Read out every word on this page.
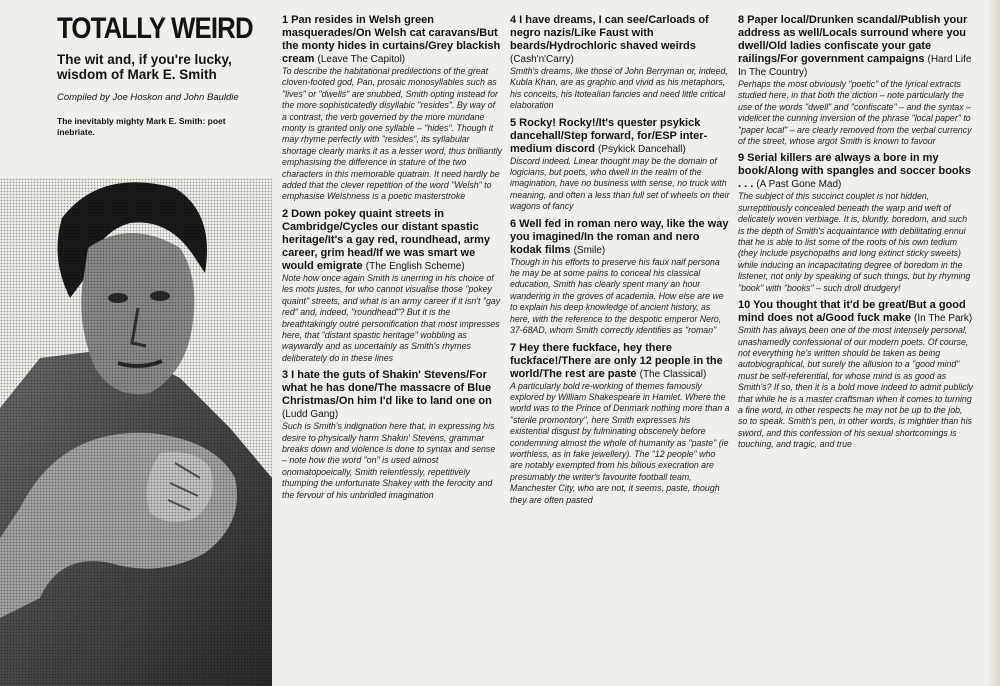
TOTALLY WEIRD
The wit and, if you're lucky, wisdom of Mark E. Smith
Compiled by Joe Hoskon and John Bauldie
The inevitably mighty Mark E. Smith: poet inebriate.

1 Pan resides in Welsh green masquerades/On Welsh cat caravans/But the monty hides in curtains/Grey blackish cream (Leave The Capitol)

To describe the habitational predilections of the great cloven-footed god, Pan, prosaic monosyllables such as "lives" or "dwells" are snubbed, Smith opting instead for the more sophisticatedly disyllabic "resides". By way of a contrast, the verb governed by the more mundane monty is granted only one syllable – "hides". Though it may rhyme perfectly with "resides", its syllabular shortage clearly marks it as a lesser word, thus brilliantly emphasising the difference in stature of the two characters in this memorable quatrain. It need hardly be added that the clever repetition of the word "Welsh" to emphasise Welshness is a poetic masterstroke

2 Down pokey quaint streets in Cambridge/Cycles our distant spastic heritage/It's a gay red, roundhead, army career, grim head/If we was smart we would emigrate (The English Scheme)

Note how once again Smith is unerring in his choice of les mots justes, for who cannot visualise those "pokey quaint" streets, and what is an army career if it isn't "gay red" and, indeed, "roundhead"? But it is the breathtakingly outré personification that most impresses here, that "distant spastic heritage" wobbling as waywardly and as uncertainly as Smith's rhymes deliberately do in these lines

3 I hate the guts of Shakin' Stevens/For what he has done/The massacre of Blue Christmas/On him I'd like to land one on (Ludd Gang)

Such is Smith's indignation here that, in expressing his desire to physically harm Shakin' Stevens, grammar breaks down and violence is done to syntax and sense – note how the word "on" is used almost onomatopoeically, Smith relentlessly, repetitively thumping the unfortunate Shakey with the ferocity and the fervour of his unbridled imagination

4 I have dreams, I can see/Carloads of negro nazis/Like Faust with beards/Hydrochloric shaved weirds (Cash'n'Carry)

Smith's dreams, like those of John Berryman or, indeed, Kubla Khan, are as graphic and vivid as his metaphors, his conceits, his Itotealian fancies and need little critical elaboration

5 Rocky! Rocky!/It's quester psykick dancehall/Step forward, for/ESP inter-medium discord (Psykick Dancehall)

Discord indeed. Linear thought may be the domain of logicians, but poets, who dwell in the realm of the imagination, have no business with sense, no truck with meaning, and often a less than full set of wheels on their wagons of fancy

6 Well fed in roman nero way, like the way you imagined/In the roman and nero kodak films (Smile)

Though in his efforts to preserve his faux naif persona he may be at some pains to conceal his classical education, Smith has clearly spent many an hour wandering in the groves of academia. How else are we to explain his deep knowledge of ancient history, as here, with the reference to the despotic emperor Nero, 37-68AD, whom Smith correctly identifies as "roman"

7 Hey there fuckface, hey there fuckface!/There are only 12 people in the world/The rest are paste (The Classical)

A particularly bold re-working of themes famously explored by William Shakespeare in Hamlet. Where the world was to the Prince of Denmark nothing more than a "sterile promontory", here Smith expresses his existential disgust by fulminating obscenely before condemning almost the whole of humanity as "paste" (ie worthless, as in fake jewellery). The "12 people" who are notably exempted from his bilious execration are presumably the writer's favourite football team, Manchester City, who are not, it seems, paste, though they are often pasted

8 Paper local/Drunken scandal/Publish your address as well/Locals surround where you dwell/Old ladies confiscate your gate railings/For government campaigns (Hard Life In The Country)

Perhaps the most obviously "poetic" of the lyrical extracts studied here, in that both the diction – note particularly the use of the words "dwell" and "confiscate" – and the syntax – videlicet the cunning inversion of the phrase "local paper" to "paper local" – are clearly removed from the verbal currency of the street, whose argot Smith is known to favour

9 Serial killers are always a bore in my book/Along with spangles and soccer books . . . (A Past Gone Mad)

The subject of this succinct couplet is not hidden, surreptitiously concealed beneath the warp and weft of delicately woven verbiage. It is, bluntly, boredom, and such is the depth of Smith's acquaintance with debilitating ennui that he is able to list some of the roots of his own tedium (they include psychopaths and long extinct sticky sweets) while inducing an incapacitating degree of boredom in the listener, not only by speaking of such things, but by rhyming "book" with "books" – such droll drudgery!

10 You thought that it'd be great/But a good mind does not a/Good fuck make (In The Park)

Smith has always been one of the most intensely personal, unashamedly confessional of our modern poets. Of course, not everything he's written should be taken as being autobiographical, but surely the allusion to a "good mind" must be self-referential, for whose mind is as good as Smith's? If so, then it is a bold move indeed to admit publicly that while he is a master craftsman when it comes to turning a fine word, in other respects he may not be up to the job, so to speak. Smith's pen, in other words, is mightier than his sword, and this confession of his sexual shortcomings is touching, and tragic, and true
